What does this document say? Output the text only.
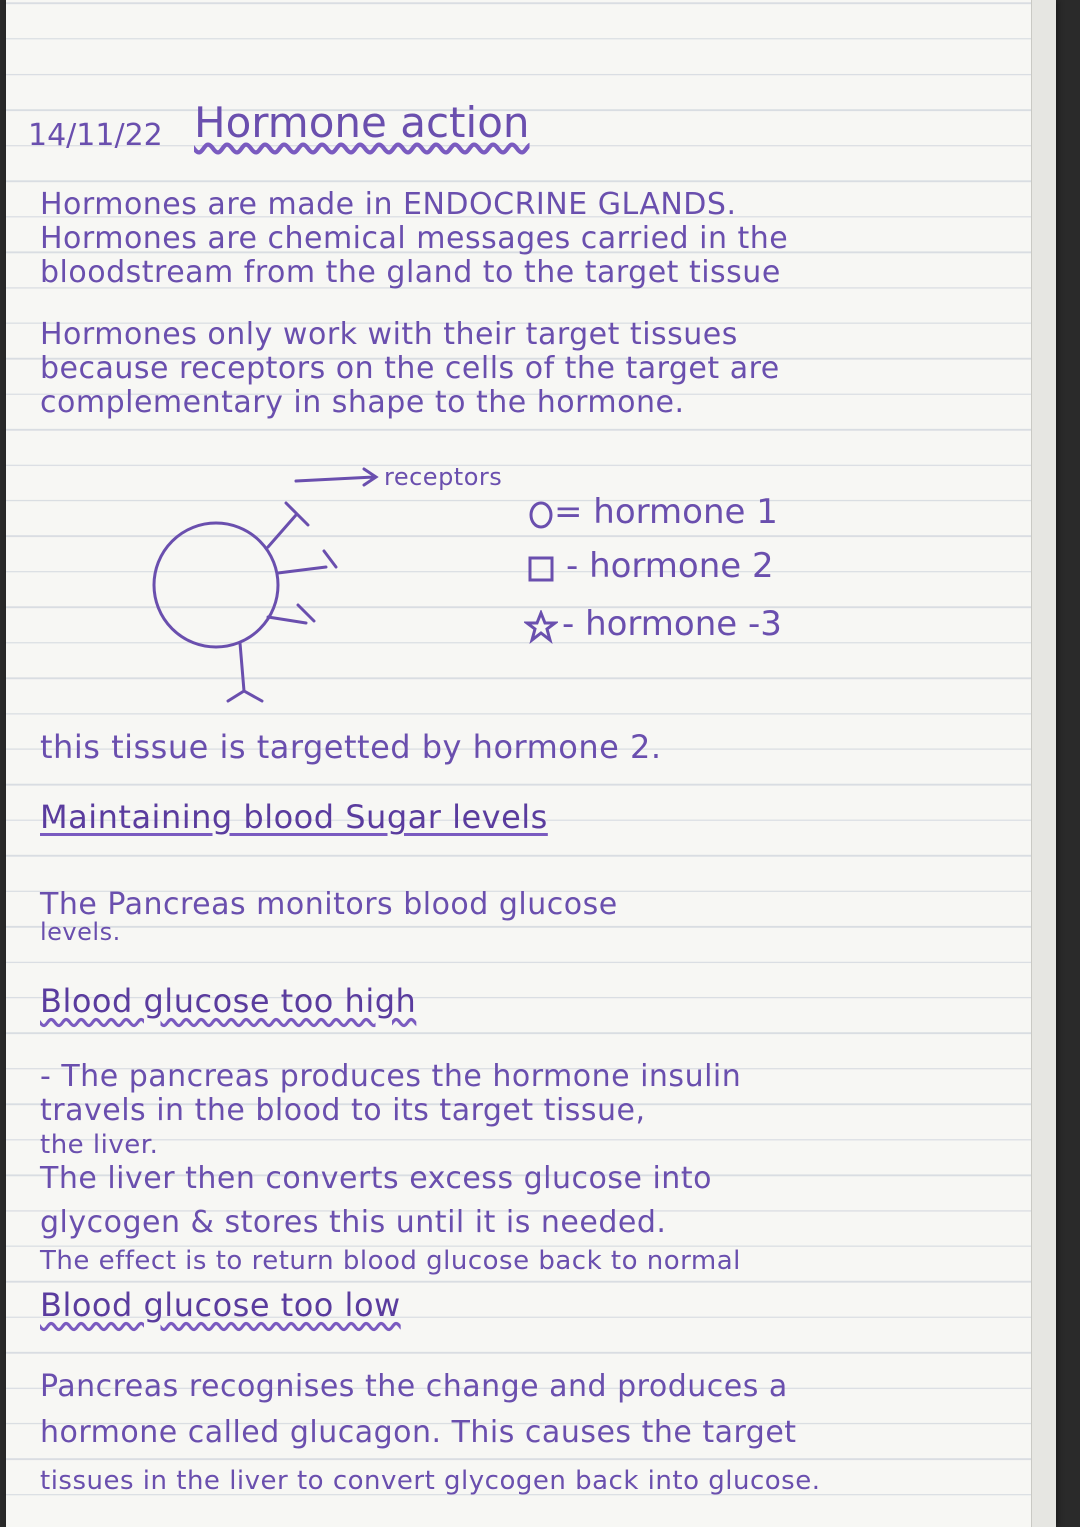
14/11/22 Hormone action
Hormones are made in ENDOCRINE GLANDS.
Hormones are chemical messages carried in the
bloodstream from the gland to the target tissue
Hormones only work with their target tissues
because receptors on the cells of the target are
complementary in shape to the hormone.
receptors
= hormone 1
- hormone 2
- hormone -3
this tissue is targetted by hormone 2.
Maintaining blood Sugar levels
The Pancreas monitors blood glucose
levels.
Blood glucose too high
- The pancreas produces the hormone insulin
travels in the blood to its target tissue,
the liver.
The liver then converts excess glucose into
glycogen & stores this until it is needed.
The effect is to return blood glucose back to normal
Blood glucose too low
Pancreas recognises the change and produces a
hormone called glucagon. This causes the target
tissues in the liver to convert glycogen back into glucose.
